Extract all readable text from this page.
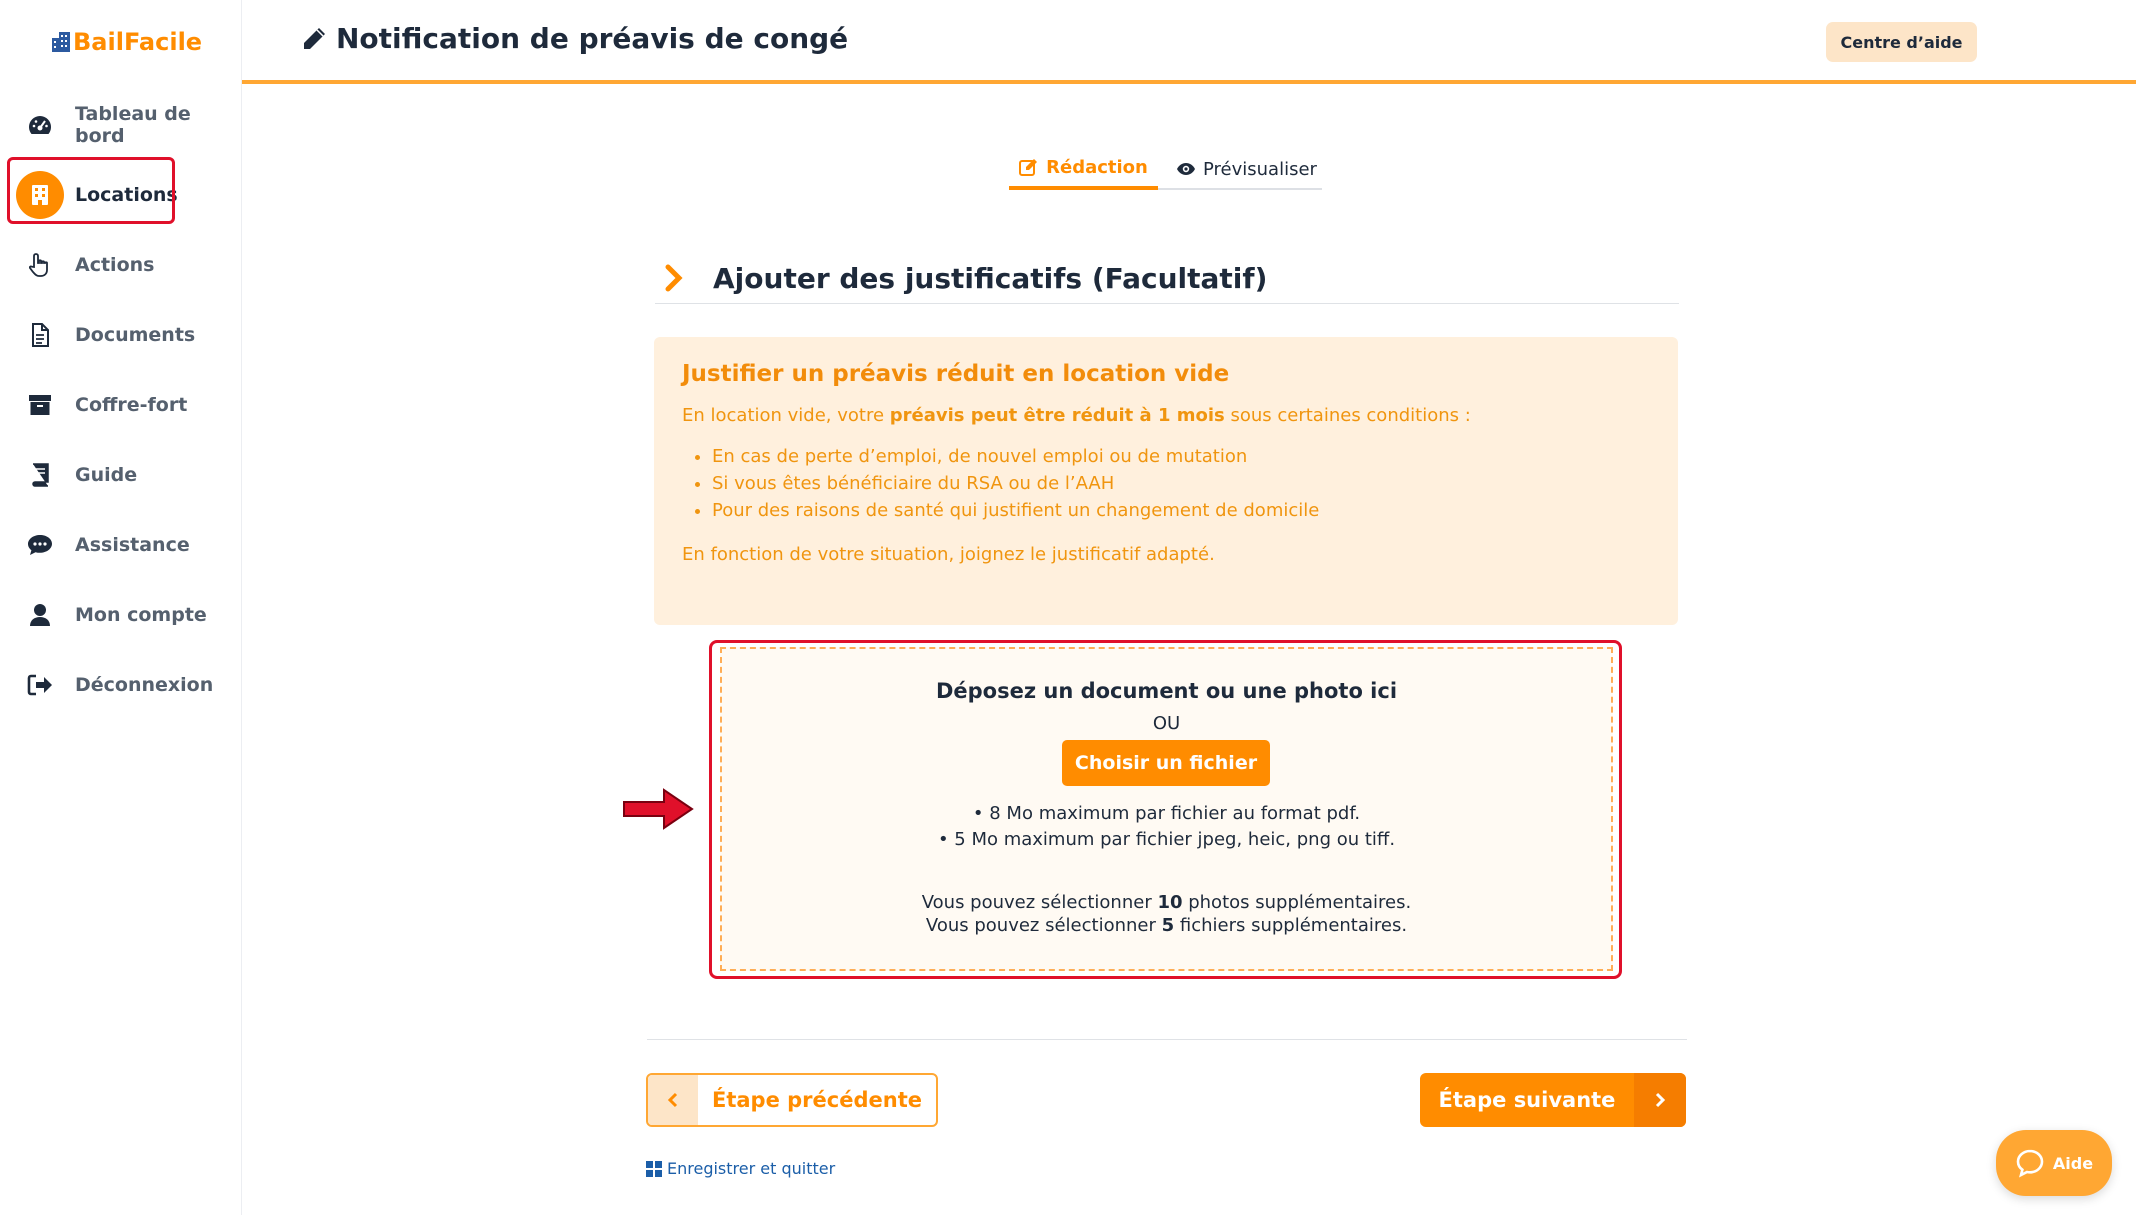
BailFacile
Tableau de bord
Locations
Actions
Documents
Coffre-fort
Guide
Assistance
Mon compte
Déconnexion
Notification de préavis de congé	Centre d’aide
Rédaction	Prévisualiser
Ajouter des justificatifs (Facultatif)
Justifier un préavis réduit en location vide

En location vide, votre préavis peut être réduit à 1 mois sous certaines conditions :

• En cas de perte d’emploi, de nouvel emploi ou de mutation
• Si vous êtes bénéficiaire du RSA ou de l’AAH
• Pour des raisons de santé qui justifient un changement de domicile

En fonction de votre situation, joignez le justificatif adapté.

Déposez un document ou une photo ici
OU
Choisir un fichier
• 8 Mo maximum par fichier au format pdf.
• 5 Mo maximum par fichier jpeg, heic, png ou tiff.
Vous pouvez sélectionner 10 photos supplémentaires.
Vous pouvez sélectionner 5 fichiers supplémentaires.
Étape précédente	Étape suivante
Enregistrer et quitter	Aide
